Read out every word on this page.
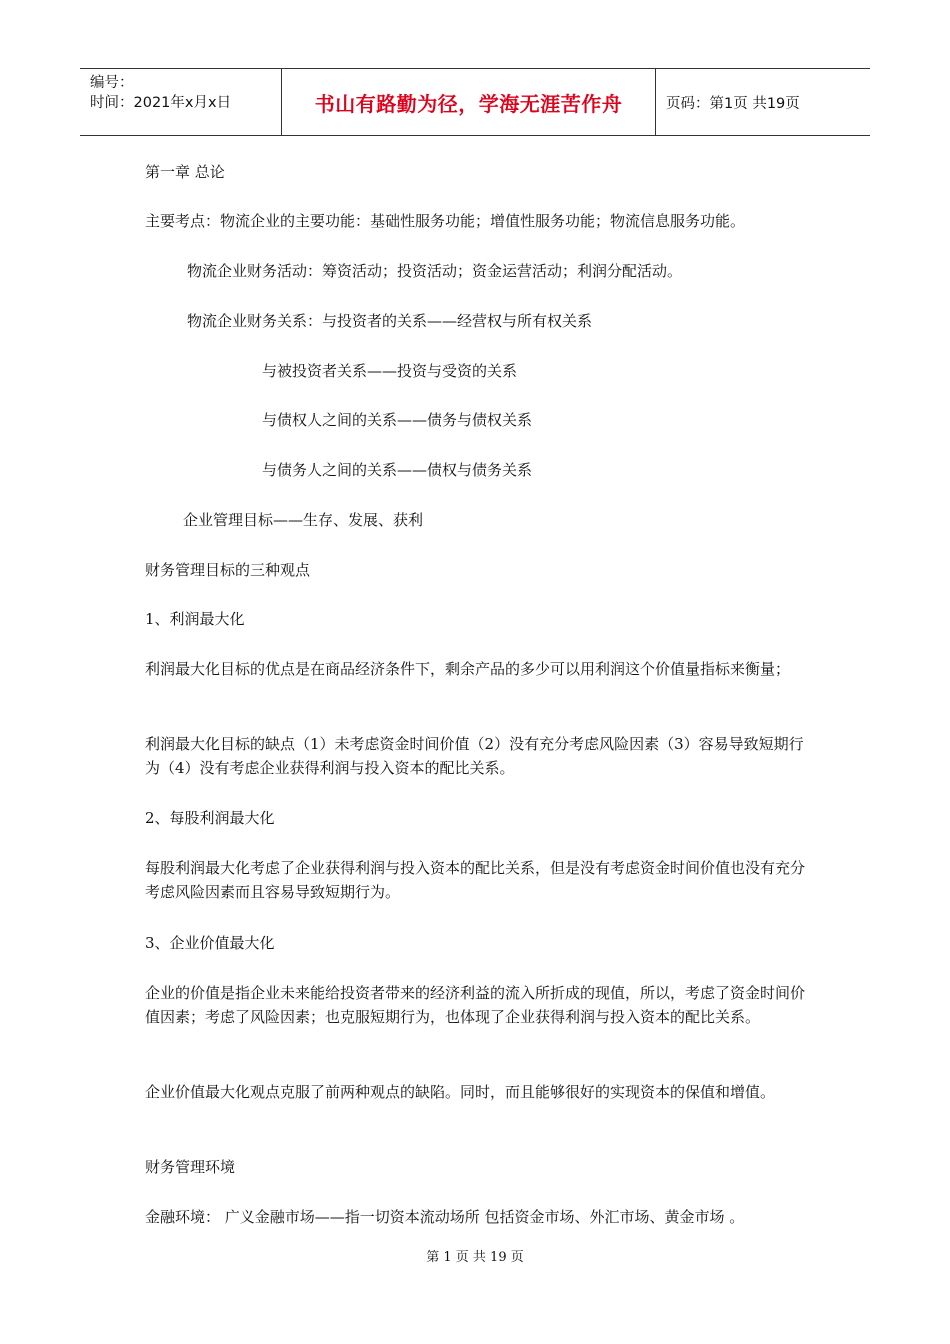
编号：
时间：2021年x月x日	书山有路勤为径，学海无涯苦作舟	页码：第1页 共19页
第一章 总论
主要考点：物流企业的主要功能：基础性服务功能；增值性服务功能；物流信息服务功能。
物流企业财务活动：筹资活动；投资活动；资金运营活动；利润分配活动。
物流企业财务关系：与投资者的关系——经营权与所有权关系
与被投资者关系——投资与受资的关系
与债权人之间的关系——债务与债权关系
与债务人之间的关系——债权与债务关系
企业管理目标——生存、发展、获利
财务管理目标的三种观点
1、利润最大化
利润最大化目标的优点是在商品经济条件下，剩余产品的多少可以用利润这个价值量指标来衡量；
利润最大化目标的缺点（1）未考虑资金时间价值（2）没有充分考虑风险因素（3）容易导致短期行为（4）没有考虑企业获得利润与投入资本的配比关系。
2、每股利润最大化
每股利润最大化考虑了企业获得利润与投入资本的配比关系，但是没有考虑资金时间价值也没有充分考虑风险因素而且容易导致短期行为。
3、企业价值最大化
企业的价值是指企业未来能给投资者带来的经济利益的流入所折成的现值，所以，考虑了资金时间价值因素；考虑了风险因素；也克服短期行为，也体现了企业获得利润与投入资本的配比关系。
企业价值最大化观点克服了前两种观点的缺陷。同时，而且能够很好的实现资本的保值和增值。
财务管理环境
金融环境： 广义金融市场——指一切资本流动场所 包括资金市场、外汇市场、黄金市场 。
第 1 页 共 19 页
